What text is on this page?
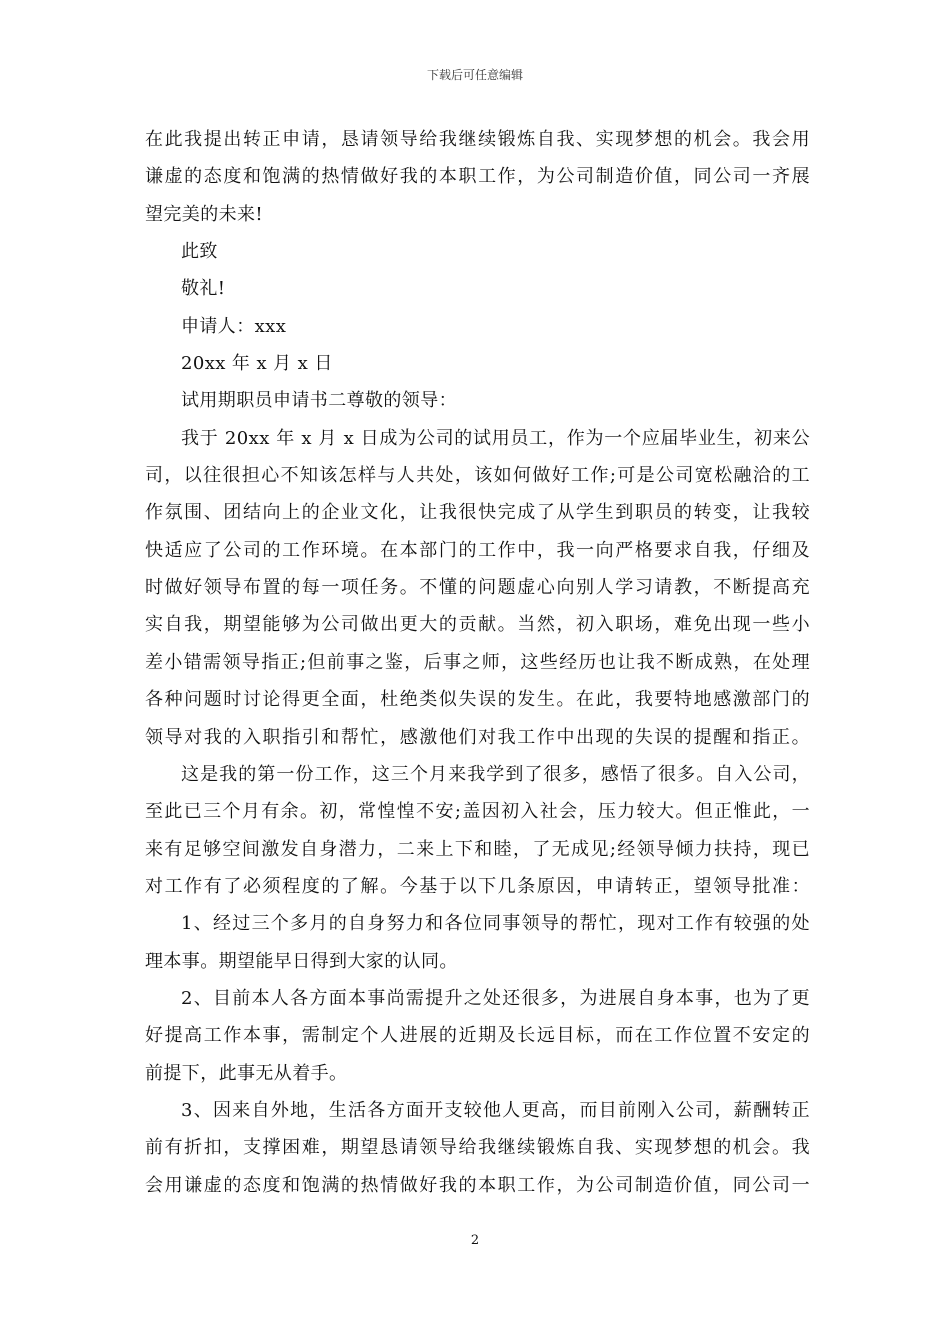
下载后可任意编辑
在此我提出转正申请，恳请领导给我继续锻炼自我、实现梦想的机会。我会用
谦虚的态度和饱满的热情做好我的本职工作，为公司制造价值，同公司一齐展
望完美的未来!
此致
敬礼!
申请人：xxx
20xx 年 x 月 x 日
试用期职员申请书二尊敬的领导：
我于 20xx 年 x 月 x 日成为公司的试用员工，作为一个应届毕业生，初来公
司，以往很担心不知该怎样与人共处，该如何做好工作;可是公司宽松融洽的工
作氛围、团结向上的企业文化，让我很快完成了从学生到职员的转变，让我较
快适应了公司的工作环境。在本部门的工作中，我一向严格要求自我，仔细及
时做好领导布置的每一项任务。不懂的问题虚心向别人学习请教，不断提高充
实自我，期望能够为公司做出更大的贡献。当然，初入职场，难免出现一些小
差小错需领导指正;但前事之鉴，后事之师，这些经历也让我不断成熟，在处理
各种问题时讨论得更全面，杜绝类似失误的发生。在此，我要特地感激部门的
领导对我的入职指引和帮忙，感激他们对我工作中出现的失误的提醒和指正。
这是我的第一份工作，这三个月来我学到了很多，感悟了很多。自入公司，
至此已三个月有余。初，常惶惶不安;盖因初入社会，压力较大。但正惟此，一
来有足够空间激发自身潜力，二来上下和睦，了无成见;经领导倾力扶持，现已
对工作有了必须程度的了解。今基于以下几条原因，申请转正，望领导批准：
1、经过三个多月的自身努力和各位同事领导的帮忙，现对工作有较强的处
理本事。期望能早日得到大家的认同。
2、目前本人各方面本事尚需提升之处还很多，为进展自身本事，也为了更
好提高工作本事，需制定个人进展的近期及长远目标，而在工作位置不安定的
前提下，此事无从着手。
3、因来自外地，生活各方面开支较他人更高，而目前刚入公司，薪酬转正
前有折扣，支撑困难，期望恳请领导给我继续锻炼自我、实现梦想的机会。我
会用谦虚的态度和饱满的热情做好我的本职工作，为公司制造价值，同公司一
2
